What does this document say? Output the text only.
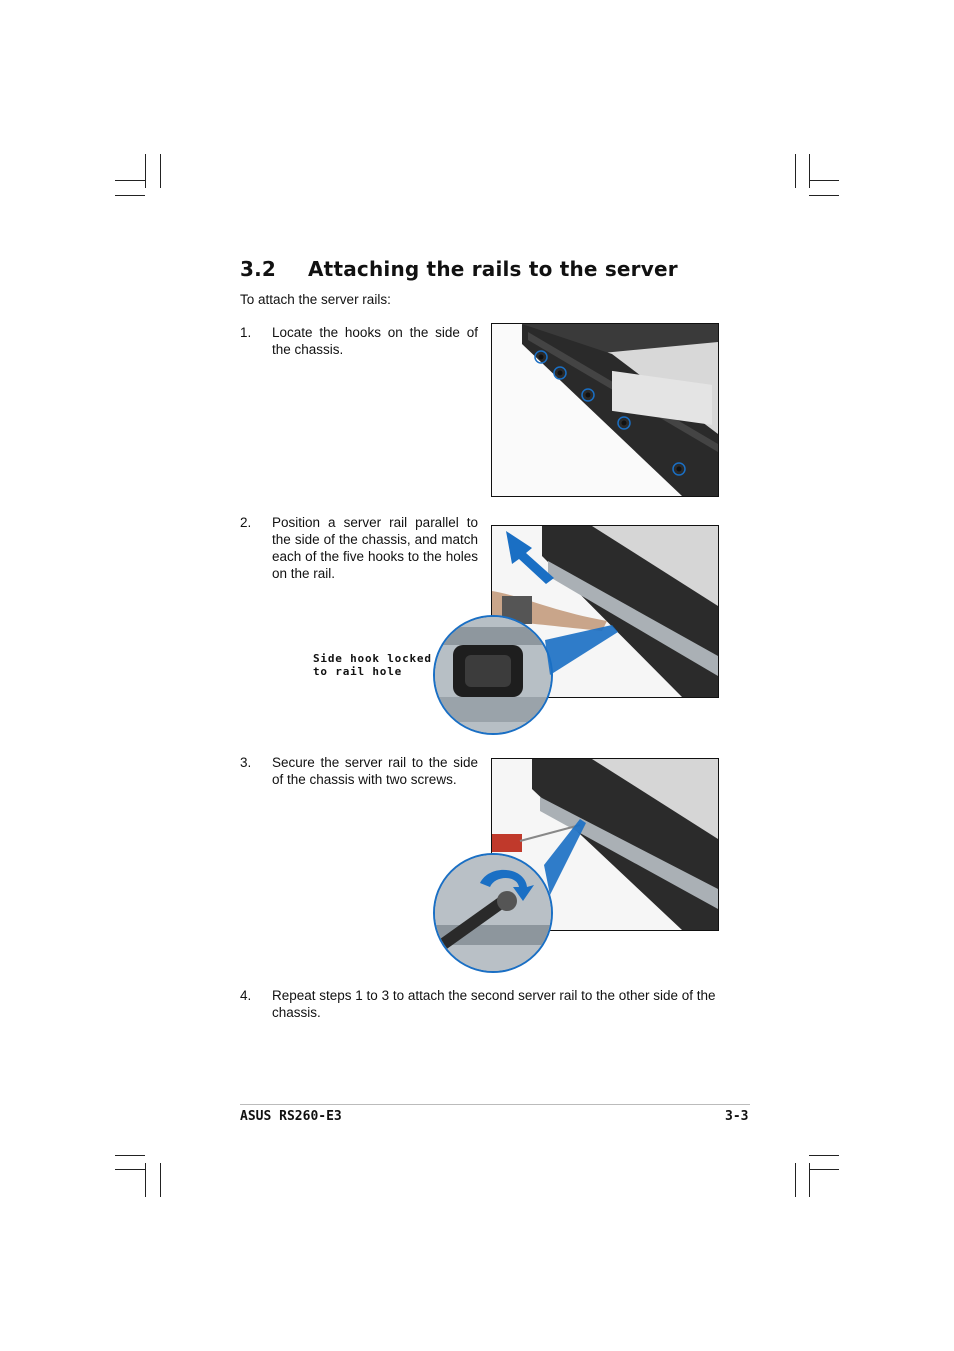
3.2 Attaching the rails to the server
To attach the server rails:
1. Locate the hooks on the side of the chassis.
2. Position a server rail parallel to the side of the chassis, and match each of the five hooks to the holes on the rail.
Side hook locked
to rail hole
3. Secure the server rail to the side of the chassis with two screws.
4. Repeat steps 1 to 3 to attach the second server rail to the other side of the chassis.
ASUS RS260-E3	3-3
